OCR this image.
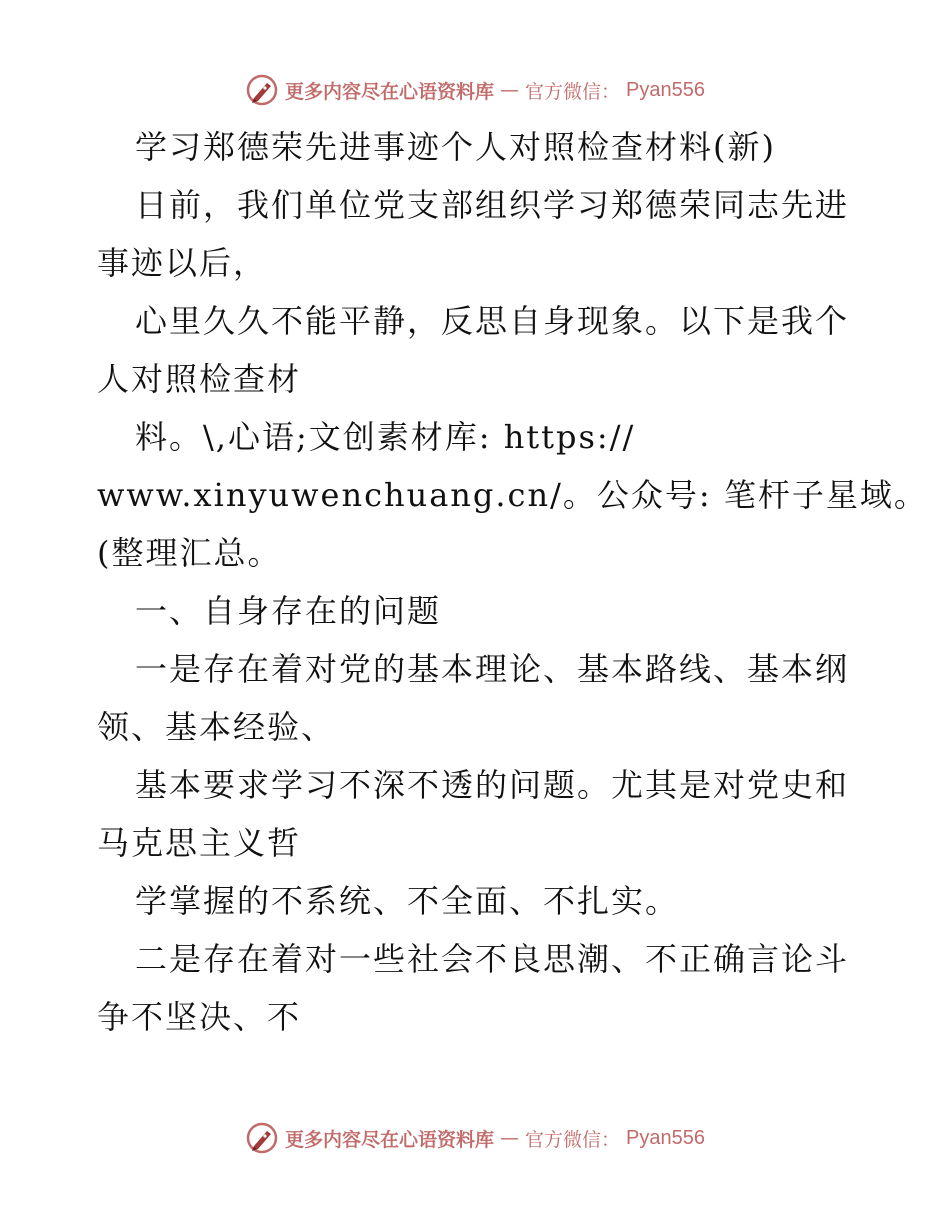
更多内容尽在心语资料库 — 官方微信： Pyan556
学习郑德荣先进事迹个人对照检查材料(新)
日前，我们单位党支部组织学习郑德荣同志先进
事迹以后，
心里久久不能平静，反思自身现象。以下是我个
人对照检查材
料。\,心语;文创素材库: https://
www.xinyuwenchuang.cn/。公众号: 笔杆子星域。
(整理汇总。
一、自身存在的问题
一是存在着对党的基本理论、基本路线、基本纲
领、基本经验、
基本要求学习不深不透的问题。尤其是对党史和
马克思主义哲
学掌握的不系统、不全面、不扎实。
二是存在着对一些社会不良思潮、不正确言论斗
争不坚决、不
更多内容尽在心语资料库 — 官方微信： Pyan556
